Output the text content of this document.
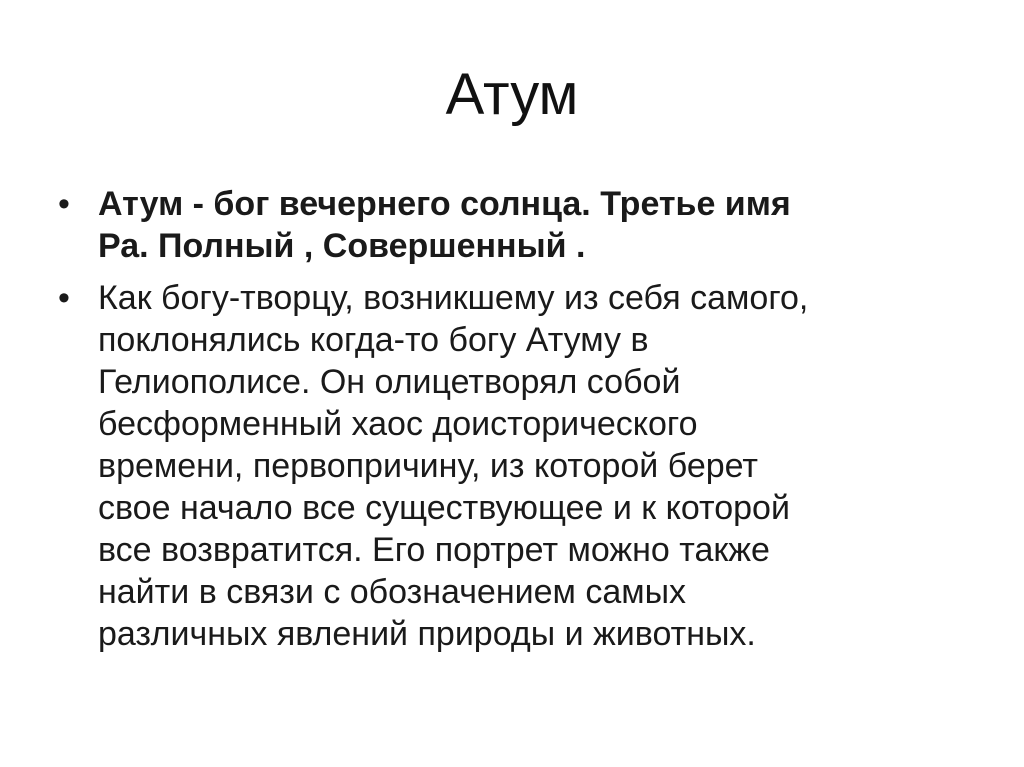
Атум
• Атум - бог вечернего солнца. Третье имя
Ра. Полный , Совершенный .
• Как богу-творцу, возникшему из себя самого,
поклонялись когда-то богу Атуму в
Гелиополисе. Он олицетворял собой
бесформенный хаос доисторического
времени, первопричину, из которой берет
свое начало все существующее и к которой
все возвратится. Его портрет можно также
найти в связи с обозначением самых
различных явлений природы и животных.
